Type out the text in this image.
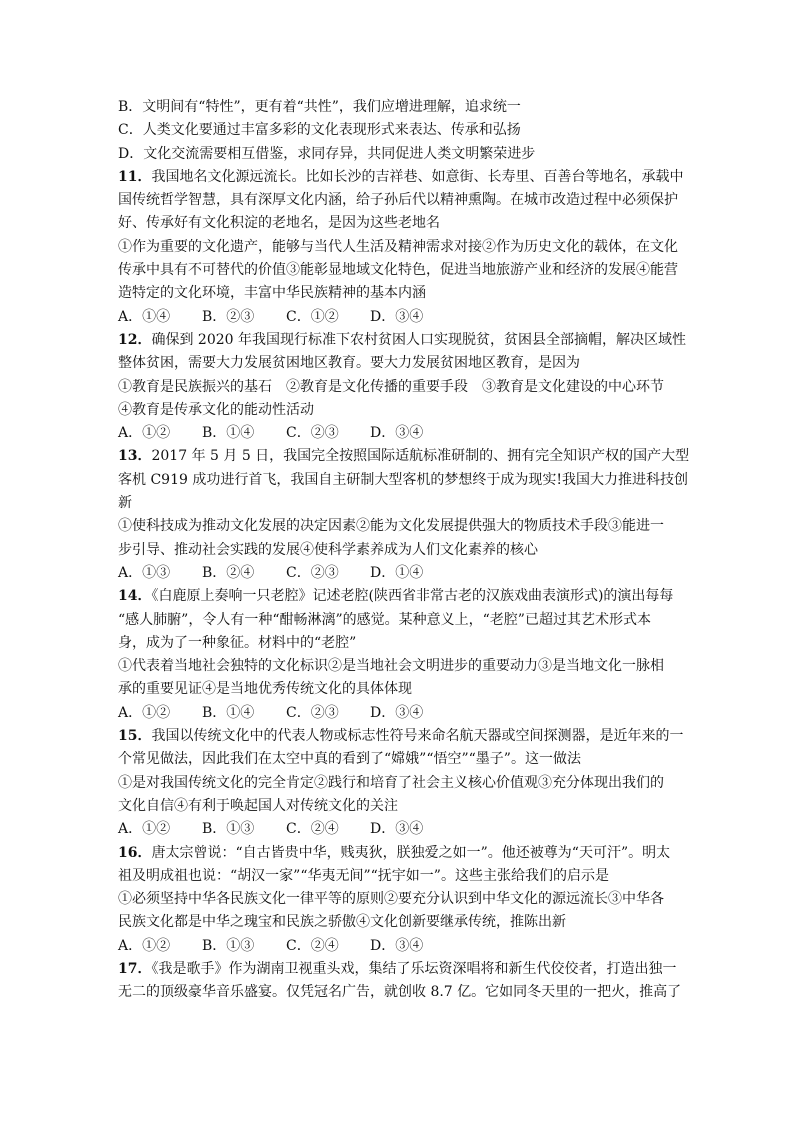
B．文明间有“特性”，更有着“共性”，我们应增进理解，追求统一
C．人类文化要通过丰富多彩的文化表现形式来表达、传承和弘扬
D．文化交流需要相互借鉴，求同存异，共同促进人类文明繁荣进步
11．我国地名文化源远流长。比如长沙的吉祥巷、如意街、长寿里、百善台等地名，承载中
国传统哲学智慧，具有深厚文化内涵，给子孙后代以精神熏陶。在城市改造过程中必须保护
好、传承好有文化积淀的老地名，是因为这些老地名
①作为重要的文化遗产，能够与当代人生活及精神需求对接②作为历史文化的载体，在文化
传承中具有不可替代的价值③能彰显地域文化特色，促进当地旅游产业和经济的发展④能营
造特定的文化环境，丰富中华民族精神的基本内涵
A．①④	B．②③	C．①②	D．③④
12．确保到 2020 年我国现行标准下农村贫困人口实现脱贫，贫困县全部摘帽，解决区域性
整体贫困，需要大力发展贫困地区教育。要大力发展贫困地区教育，是因为
①教育是民族振兴的基石　②教育是文化传播的重要手段　③教育是文化建设的中心环节
④教育是传承文化的能动性活动
A．①②	B．①④	C．②③	D．③④
13．2017 年 5 月 5 日，我国完全按照国际适航标准研制的、拥有完全知识产权的国产大型
客机 C919 成功进行首飞，我国自主研制大型客机的梦想终于成为现实!我国大力推进科技创
新
①使科技成为推动文化发展的决定因素②能为文化发展提供强大的物质技术手段③能进一
步引导、推动社会实践的发展④使科学素养成为人们文化素养的核心
A．①③	B．②④	C．②③	D．①④
14．《白鹿原上奏响一只老腔》记述老腔(陕西省非常古老的汉族戏曲表演形式)的演出每每
“感人肺腑”，令人有一种“酣畅淋漓”的感觉。某种意义上，“老腔”已超过其艺术形式本
身，成为了一种象征。材料中的“老腔”
①代表着当地社会独特的文化标识②是当地社会文明进步的重要动力③是当地文化一脉相
承的重要见证④是当地优秀传统文化的具体体现
A．①②	B．①④	C．②③	D．③④
15．我国以传统文化中的代表人物或标志性符号来命名航天器或空间探测器，是近年来的一
个常见做法，因此我们在太空中真的看到了“嫦娥”“悟空”“墨子”。这一做法
①是对我国传统文化的完全肯定②践行和培育了社会主义核心价值观③充分体现出我们的
文化自信④有利于唤起国人对传统文化的关注
A．①②	B．①③	C．②④	D．③④
16．唐太宗曾说：“自古皆贵中华，贱夷狄，朕独爱之如一”。他还被尊为“天可汗”。明太
祖及明成祖也说：“胡汉一家”“华夷无间”“抚宇如一”。这些主张给我们的启示是
①必须坚持中华各民族文化一律平等的原则②要充分认识到中华文化的源远流长③中华各
民族文化都是中华之瑰宝和民族之骄傲④文化创新要继承传统，推陈出新
A．①②	B．①③	C．②④	D．③④
17．《我是歌手》作为湖南卫视重头戏，集结了乐坛资深唱将和新生代佼佼者，打造出独一
无二的顶级豪华音乐盛宴。仅凭冠名广告，就创收 8.7 亿。它如同冬天里的一把火，推高了
